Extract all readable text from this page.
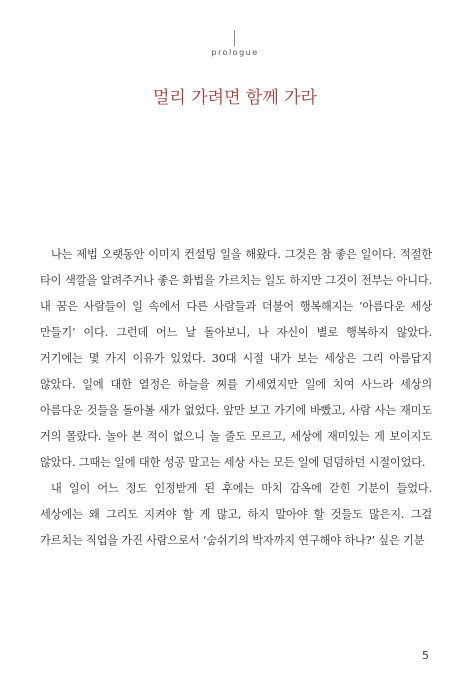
prologue
멀리 가려면 함께 가라

나는 제법 오랫동안 이미지 컨설팅 일을 해왔다. 그것은 참 좋은 일이다. 적절한 타이 색깔을 알려주거나 좋은 화법을 가르치는 일도 하지만 그것이 전부는 아니다. 내 꿈은 사람들이 일 속에서 다른 사람들과 더불어 행복해지는 ‘아름다운 세상 만들기’ 이다. 그런데 어느 날 돌아보니, 나 자신이 별로 행복하지 않았다. 거기에는 몇 가지 이유가 있었다. 30대 시절 내가 보는 세상은 그리 아름답지 않았다. 일에 대한 열정은 하늘을 찌를 기세였지만 일에 치여 사느라 세상의 아름다운 것들을 돌아볼 새가 없었다. 앞만 보고 가기에 바빴고, 사람 사는 재미도 거의 몰랐다. 놀아 본 적이 없으니 놀 줄도 모르고, 세상에 재미있는 게 보이지도 않았다. 그때는 일에 대한 성공 말고는 세상 사는 모든 일에 덤덤하던 시절이었다.

내 일이 어느 정도 인정받게 된 후에는 마치 감옥에 갇힌 기분이 들었다. 세상에는 왜 그리도 지켜야 할 게 많고, 하지 말아야 할 것들도 많은지. 그걸 가르치는 직업을 가진 사람으로서 ‘숨쉬기의 박자까지 연구해야 하나?’ 싶은 기분

5
